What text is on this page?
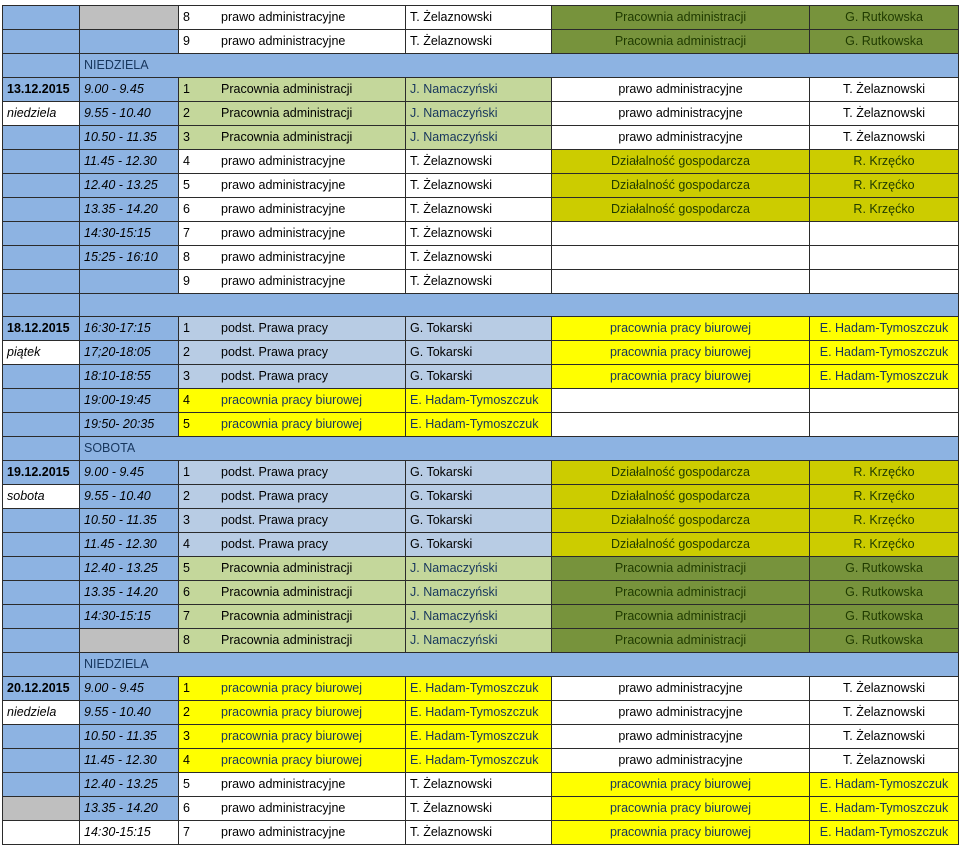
		8 prawo administracyjne	T. Żelaznowski	Pracownia administracji	G. Rutkowska
		9 prawo administracyjne	T. Żelaznowski	Pracownia administracji	G. Rutkowska
	NIEDZIELA				
13.12.2015	9.00 - 9.45	1 Pracownia administracji	J. Namaczyński	prawo administracyjne	T. Żelaznowski
niedziela	9.55 - 10.40	2 Pracownia administracji	J. Namaczyński	prawo administracyjne	T. Żelaznowski
	10.50 - 11.35	3 Pracownia administracji	J. Namaczyński	prawo administracyjne	T. Żelaznowski
	11.45 - 12.30	4 prawo administracyjne	T. Żelaznowski	Działalność gospodarcza	R. Krzęćko
	12.40 - 13.25	5 prawo administracyjne	T. Żelaznowski	Działalność gospodarcza	R. Krzęćko
	13.35 - 14.20	6 prawo administracyjne	T. Żelaznowski	Działalność gospodarcza	R. Krzęćko
	14:30-15:15	7 prawo administracyjne	T. Żelaznowski		
	15:25 - 16:10	8 prawo administracyjne	T. Żelaznowski		
		9 prawo administracyjne	T. Żelaznowski		

18.12.2015	16:30-17:15	1 podst. Prawa pracy	G. Tokarski	pracownia pracy biurowej	E. Hadam-Tymoszczuk
piątek	17;20-18:05	2 podst. Prawa pracy	G. Tokarski	pracownia pracy biurowej	E. Hadam-Tymoszczuk
	18:10-18:55	3 podst. Prawa pracy	G. Tokarski	pracownia pracy biurowej	E. Hadam-Tymoszczuk
	19:00-19:45	4 pracownia pracy biurowej	E. Hadam-Tymoszczuk		
	19:50- 20:35	5 pracownia pracy biurowej	E. Hadam-Tymoszczuk		
	SOBOTA				
19.12.2015	9.00 - 9.45	1 podst. Prawa pracy	G. Tokarski	Działalność gospodarcza	R. Krzęćko
sobota	9.55 - 10.40	2 podst. Prawa pracy	G. Tokarski	Działalność gospodarcza	R. Krzęćko
	10.50 - 11.35	3 podst. Prawa pracy	G. Tokarski	Działalność gospodarcza	R. Krzęćko
	11.45 - 12.30	4 podst. Prawa pracy	G. Tokarski	Działalność gospodarcza	R. Krzęćko
	12.40 - 13.25	5 Pracownia administracji	J. Namaczyński	Pracownia administracji	G. Rutkowska
	13.35 - 14.20	6 Pracownia administracji	J. Namaczyński	Pracownia administracji	G. Rutkowska
	14:30-15:15	7 Pracownia administracji	J. Namaczyński	Pracownia administracji	G. Rutkowska
		8 Pracownia administracji	J. Namaczyński	Pracownia administracji	G. Rutkowska
	NIEDZIELA				
20.12.2015	9.00 - 9.45	1 pracownia pracy biurowej	E. Hadam-Tymoszczuk	prawo administracyjne	T. Żelaznowski
niedziela	9.55 - 10.40	2 pracownia pracy biurowej	E. Hadam-Tymoszczuk	prawo administracyjne	T. Żelaznowski
	10.50 - 11.35	3 pracownia pracy biurowej	E. Hadam-Tymoszczuk	prawo administracyjne	T. Żelaznowski
	11.45 - 12.30	4 pracownia pracy biurowej	E. Hadam-Tymoszczuk	prawo administracyjne	T. Żelaznowski
	12.40 - 13.25	5 prawo administracyjne	T. Żelaznowski	pracownia pracy biurowej	E. Hadam-Tymoszczuk
	13.35 - 14.20	6 prawo administracyjne	T. Żelaznowski	pracownia pracy biurowej	E. Hadam-Tymoszczuk
	14:30-15:15	7 prawo administracyjne	T. Żelaznowski	pracownia pracy biurowej	E. Hadam-Tymoszczuk
